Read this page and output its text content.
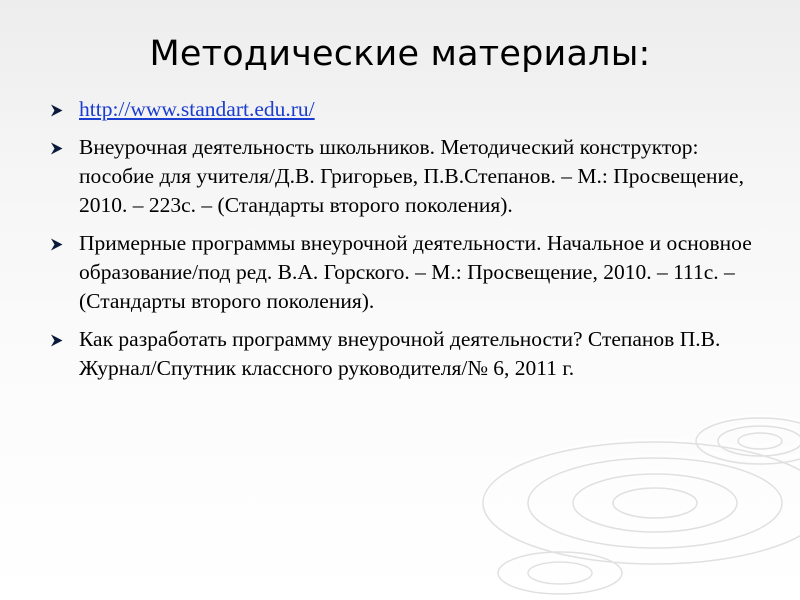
Методические материалы:
http://www.standart.edu.ru/
Внеурочная деятельность школьников. Методический конструктор: пособие для учителя/Д.В. Григорьев, П.В.Степанов. – М.: Просвещение, 2010. – 223с. – (Стандарты второго поколения).
Примерные программы внеурочной деятельности. Начальное и основное образование/под ред. В.А. Горского. – М.: Просвещение, 2010. – 111с. – (Стандарты второго поколения).
Как разработать программу внеурочной деятельности? Степанов П.В. Журнал/Спутник классного руководителя/№ 6, 2011 г.
